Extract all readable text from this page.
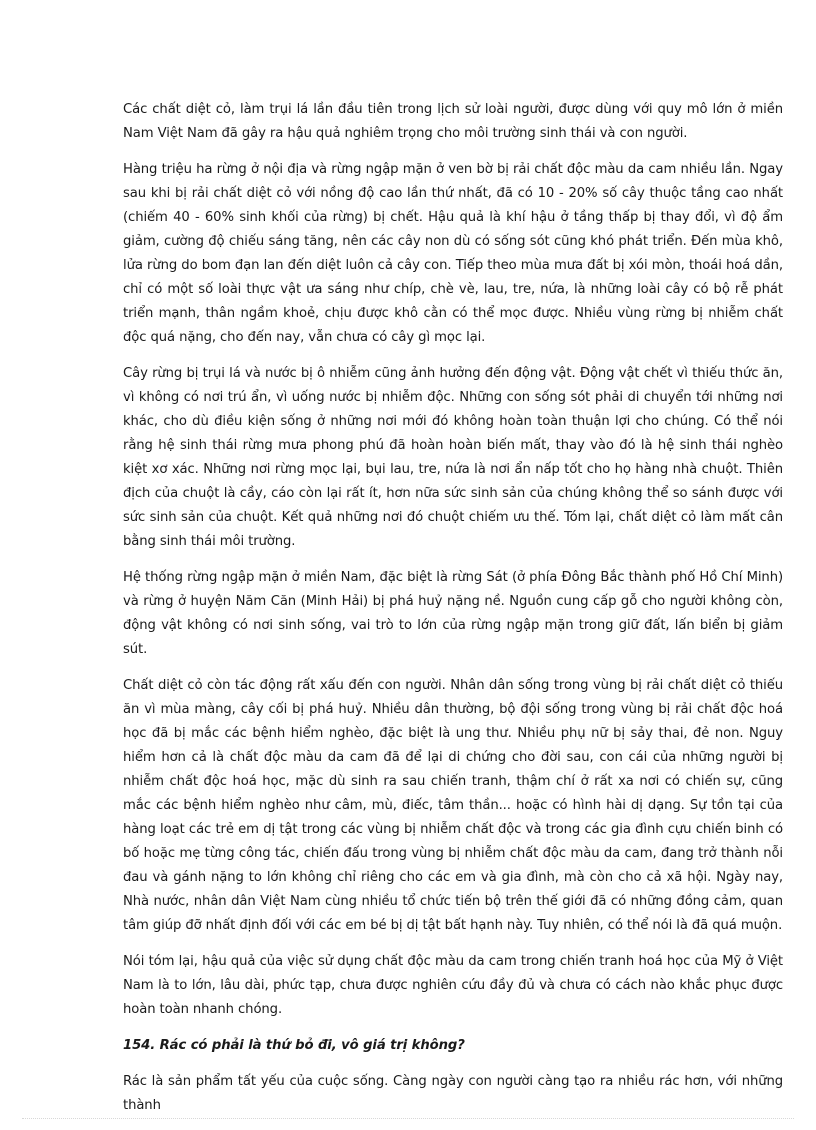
Các chất diệt cỏ, làm trụi lá lần đầu tiên trong lịch sử loài người, được dùng với quy mô lớn ở miền Nam Việt Nam đã gây ra hậu quả nghiêm trọng cho môi trường sinh thái và con người.

Hàng triệu ha rừng ở nội địa và rừng ngập mặn ở ven bờ bị rải chất độc màu da cam nhiều lần. Ngay sau khi bị rải chất diệt cỏ với nồng độ cao lần thứ nhất, đã có 10 - 20% số cây thuộc tầng cao nhất (chiếm 40 - 60% sinh khối của rừng) bị chết. Hậu quả là khí hậu ở tầng thấp bị thay đổi, vì độ ẩm giảm, cường độ chiếu sáng tăng, nên các cây non dù có sống sót cũng khó phát triển. Đến mùa khô, lửa rừng do bom đạn lan đến diệt luôn cả cây con. Tiếp theo mùa mưa đất bị xói mòn, thoái hoá dần, chỉ có một số loài thực vật ưa sáng như chíp, chè vè, lau, tre, nứa, là những loài cây có bộ rễ phát triển mạnh, thân ngầm khoẻ, chịu được khô cằn có thể mọc được. Nhiều vùng rừng bị nhiễm chất độc quá nặng, cho đến nay, vẫn chưa có cây gì mọc lại.

Cây rừng bị trụi lá và nước bị ô nhiễm cũng ảnh hưởng đến động vật. Động vật chết vì thiếu thức ăn, vì không có nơi trú ẩn, vì uống nước bị nhiễm độc. Những con sống sót phải di chuyển tới những nơi khác, cho dù điều kiện sống ở những nơi mới đó không hoàn toàn thuận lợi cho chúng. Có thể nói rằng hệ sinh thái rừng mưa phong phú đã hoàn hoàn biến mất, thay vào đó là hệ sinh thái nghèo kiệt xơ xác. Những nơi rừng mọc lại, bụi lau, tre, nứa là nơi ẩn nấp tốt cho họ hàng nhà chuột. Thiên địch của chuột là cầy, cáo còn lại rất ít, hơn nữa sức sinh sản của chúng không thể so sánh được với sức sinh sản của chuột. Kết quả những nơi đó chuột chiếm ưu thế. Tóm lại, chất diệt cỏ làm mất cân bằng sinh thái môi trường.

Hệ thống rừng ngập mặn ở miền Nam, đặc biệt là rừng Sát (ở phía Đông Bắc thành phố Hồ Chí Minh) và rừng ở huyện Năm Căn (Minh Hải) bị phá huỷ nặng nề. Nguồn cung cấp gỗ cho người không còn, động vật không có nơi sinh sống, vai trò to lớn của rừng ngập mặn trong giữ đất, lấn biển bị giảm sút.

Chất diệt cỏ còn tác động rất xấu đến con người. Nhân dân sống trong vùng bị rải chất diệt cỏ thiếu ăn vì mùa màng, cây cối bị phá huỷ. Nhiều dân thường, bộ đội sống trong vùng bị rải chất độc hoá học đã bị mắc các bệnh hiểm nghèo, đặc biệt là ung thư. Nhiều phụ nữ bị sảy thai, đẻ non. Nguy hiểm hơn cả là chất độc màu da cam đã để lại di chứng cho đời sau, con cái của những người bị nhiễm chất độc hoá học, mặc dù sinh ra sau chiến tranh, thậm chí ở rất xa nơi có chiến sự, cũng mắc các bệnh hiểm nghèo như câm, mù, điếc, tâm thần... hoặc có hình hài dị dạng. Sự tồn tại của hàng loạt các trẻ em dị tật trong các vùng bị nhiễm chất độc và trong các gia đình cựu chiến binh có bố hoặc mẹ từng công tác, chiến đấu trong vùng bị nhiễm chất độc màu da cam, đang trở thành nỗi đau và gánh nặng to lớn không chỉ riêng cho các em và gia đình, mà còn cho cả xã hội. Ngày nay, Nhà nước, nhân dân Việt Nam cùng nhiều tổ chức tiến bộ trên thế giới đã có những đồng cảm, quan tâm giúp đỡ nhất định đối với các em bé bị dị tật bất hạnh này. Tuy nhiên, có thể nói là đã quá muộn.

Nói tóm lại, hậu quả của việc sử dụng chất độc màu da cam trong chiến tranh hoá học của Mỹ ở Việt Nam là to lớn, lâu dài, phức tạp, chưa được nghiên cứu đầy đủ và chưa có cách nào khắc phục được hoàn toàn nhanh chóng.

154. Rác có phải là thứ bỏ đi, vô giá trị không?

Rác là sản phẩm tất yếu của cuộc sống. Càng ngày con người càng tạo ra nhiều rác hơn, với những thành
